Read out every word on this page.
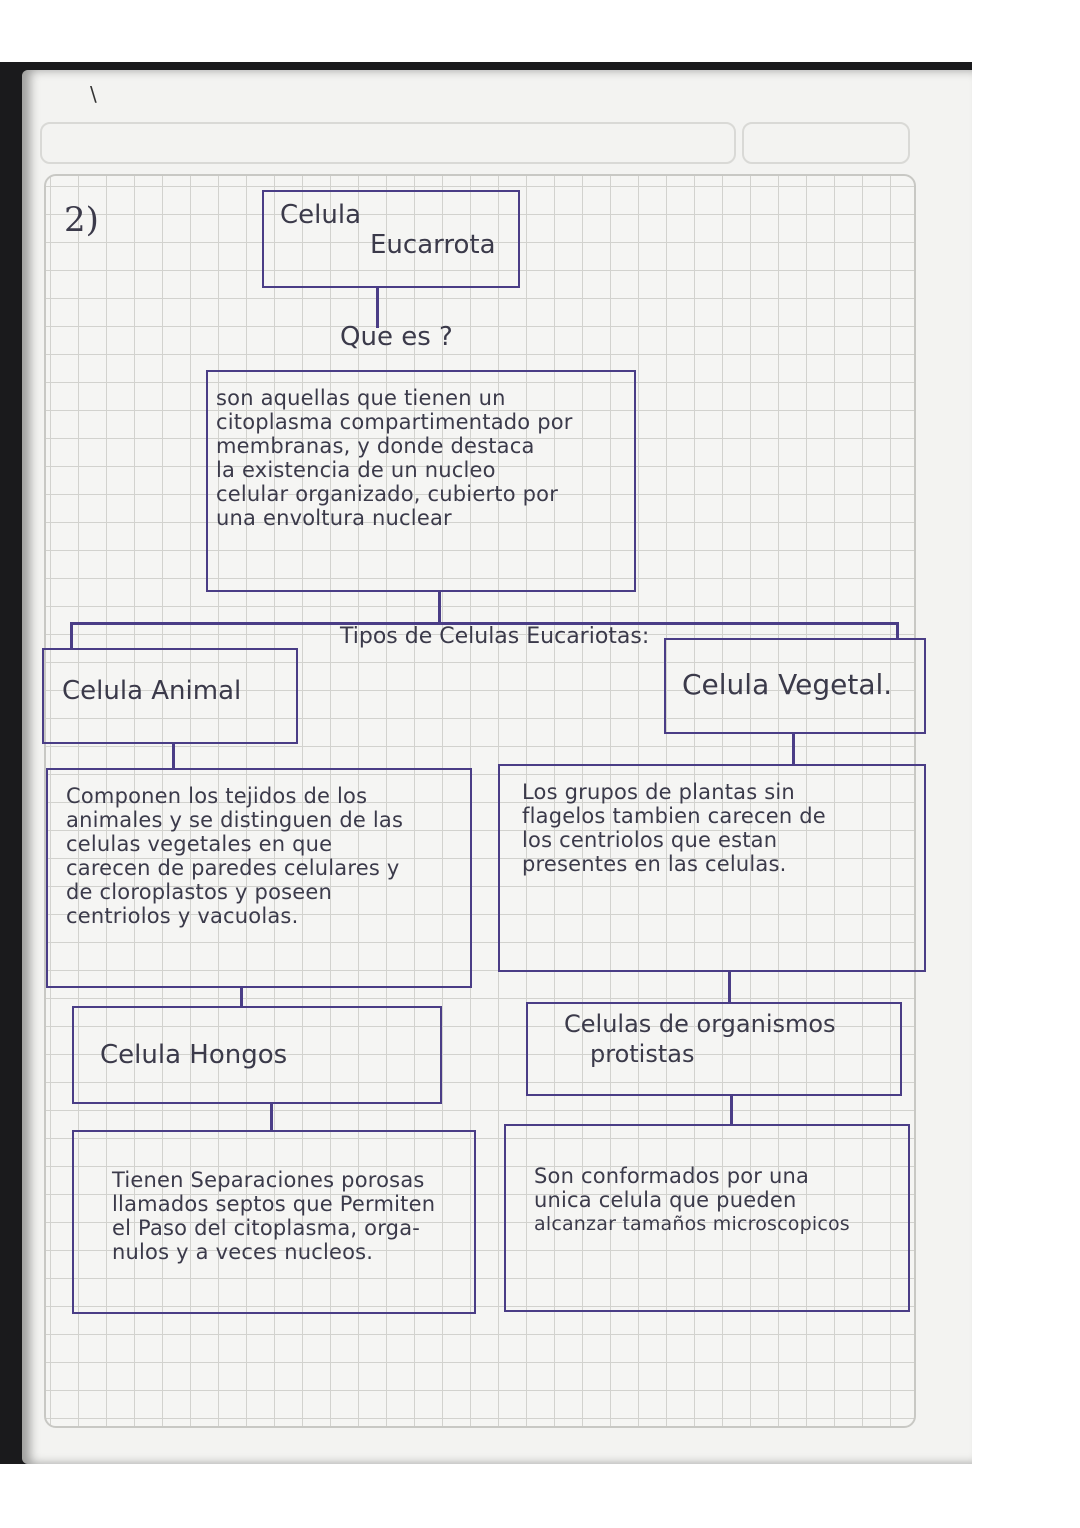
\
2)	Celula
Eucarrota
Que es ?
son aquellas que tienen un
citoplasma compartimentado por
membranas, y donde destaca
la existencia de un nucleo
celular organizado, cubierto por
una envoltura nuclear
Tipos de Celulas Eucariotas:
Celula Animal
Componen los tejidos de los
animales y se distinguen de las
celulas vegetales en que
carecen de paredes celulares y
de cloroplastos y poseen
centriolos y vacuolas.
Celula Vegetal.
Los grupos de plantas sin
flagelos tambien carecen de
los centriolos que estan
presentes en las celulas.
Celula Hongos
Tienen Separaciones porosas
llamados septos que Permiten
el Paso del citoplasma, orga-
nulos y a veces nucleos.
Celulas de organismos
protistas
Son conformados por una
unica celula que pueden
alcanzar tamaños microscopicos
